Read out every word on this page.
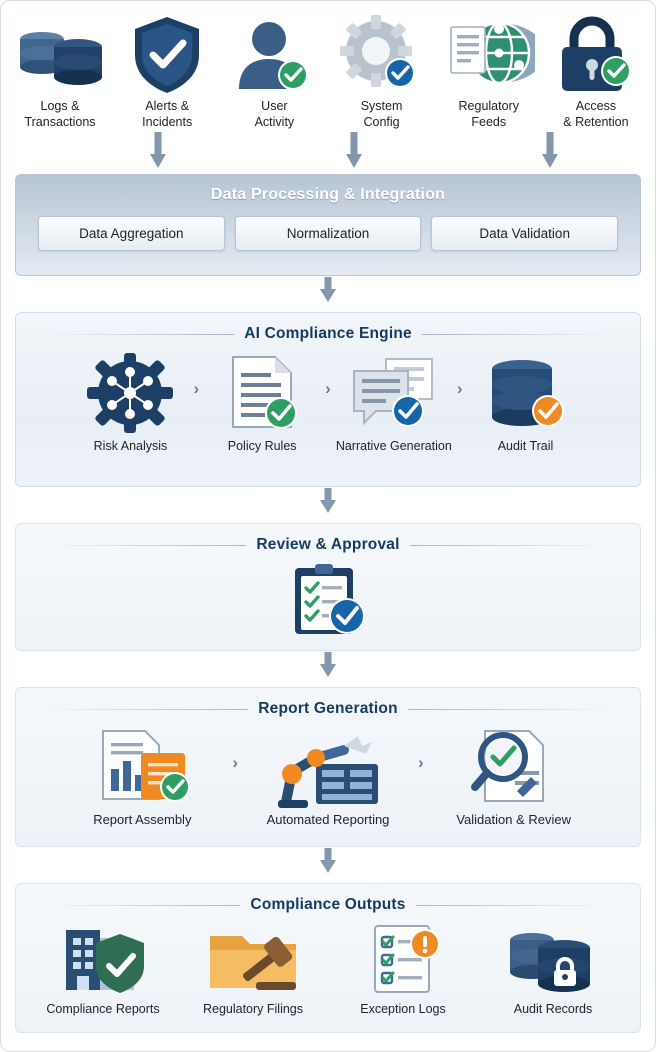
Logs &
Transactions
Alerts &
Incidents
User
Activity
System
Config
Regulatory
Feeds
Access
& Retention
Data Processing & Integration
Data Aggregation	Normalization	Data Validation
AI Compliance Engine
Risk Analysis
›
Policy Rules
›
Narrative Generation
›
Audit Trail
Review & Approval
Report Generation
Report Assembly
›
Automated Reporting
›
Validation & Review
Compliance Outputs
Compliance Reports	Regulatory Filings	Exception Logs	Audit Records
